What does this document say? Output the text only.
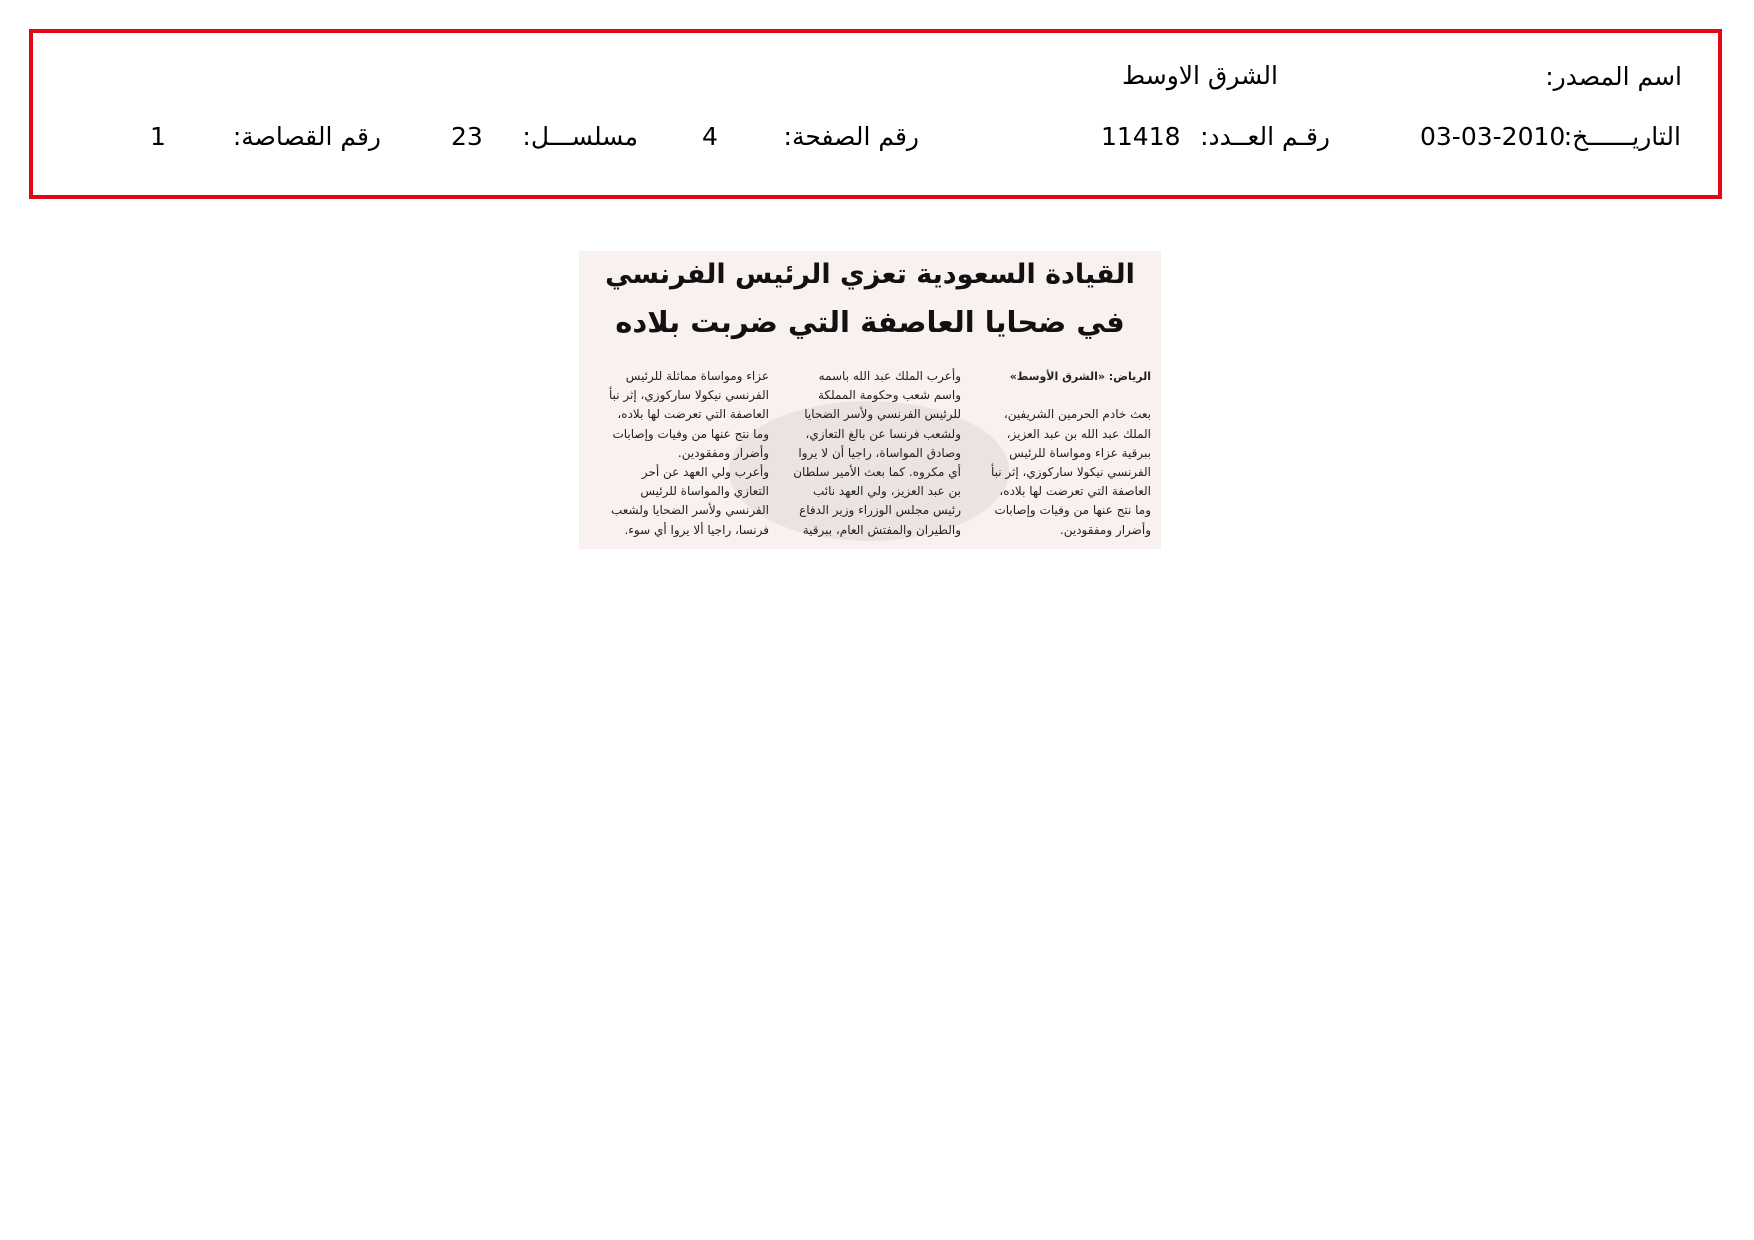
اسم المصدر:
الشرق الاوسط
التاريــــــخ:
03-03-2010
رقـم العــدد:
11418
رقم الصفحة:
4
مسلســـل:
23
رقم القصاصة:
1
القيادة السعودية تعزي الرئيس الفرنسي
في ضحايا العاصفة التي ضربت بلاده
الرياض: «الشرق الأوسط»
بعث خادم الحرمين الشريفين،
الملك عبد الله بن عبد العزيز،
ببرقية عزاء ومواساة للرئيس
الفرنسي نيكولا ساركوزي، إثر نبأ
العاصفة التي تعرضت لها بلاده،
وما نتج عنها من وفيات وإصابات
وأضرار ومفقودين.
وأعرب الملك عبد الله باسمه
واسم شعب وحكومة المملكة
للرئيس الفرنسي ولأسر الضحايا
ولشعب فرنسا عن بالغ التعازي،
وصادق المواساة، راجيا أن لا يروا
أي مكروه. كما بعث الأمير سلطان
بن عبد العزيز، ولي العهد نائب
رئيس مجلس الوزراء وزير الدفاع
والطيران والمفتش العام، ببرقية
عزاء ومواساة مماثلة للرئيس
الفرنسي نيكولا ساركوزي، إثر نبأ
العاصفة التي تعرضت لها بلاده،
وما نتج عنها من وفيات وإصابات
وأضرار ومفقودين.
وأعرب ولي العهد عن أحر
التعازي والمواساة للرئيس
الفرنسي ولأسر الضحايا ولشعب
فرنسا، راجيا ألا يروا أي سوء.
